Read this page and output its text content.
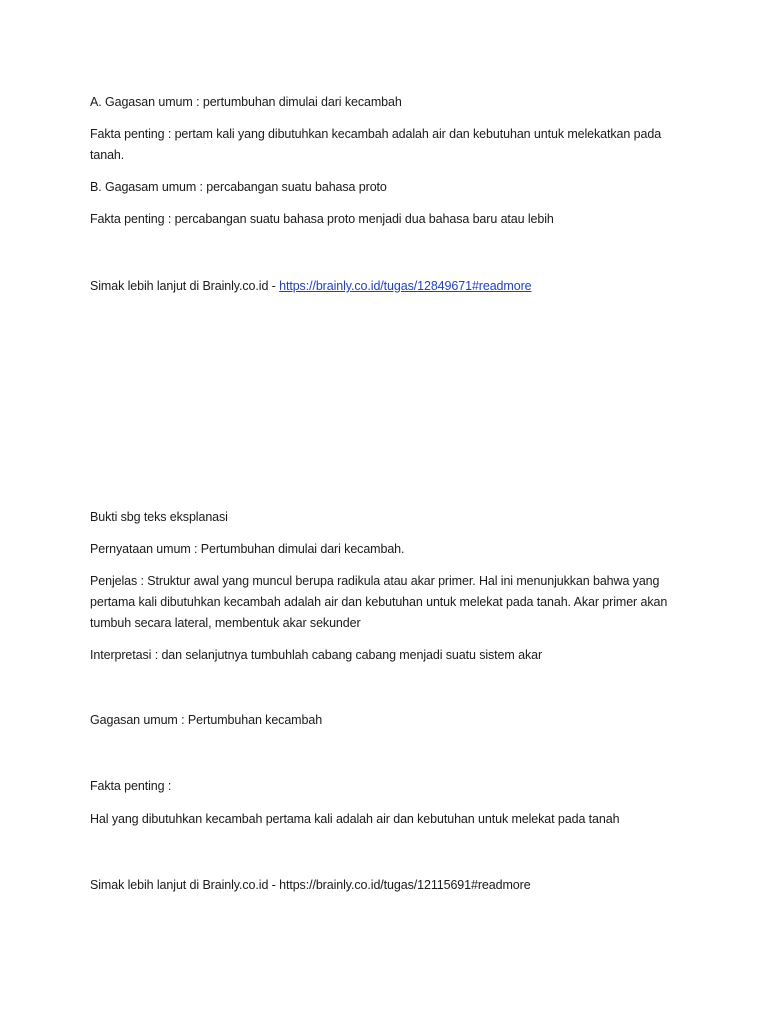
A. Gagasan umum : pertumbuhan dimulai dari kecambah
Fakta penting : pertam kali yang dibutuhkan kecambah adalah air dan kebutuhan untuk melekatkan pada tanah.
B. Gagasam umum : percabangan suatu bahasa proto
Fakta penting : percabangan suatu bahasa proto menjadi dua bahasa baru atau lebih
Simak lebih lanjut di Brainly.co.id - https://brainly.co.id/tugas/12849671#readmore
Bukti sbg teks eksplanasi
Pernyataan umum : Pertumbuhan dimulai dari kecambah.
Penjelas : Struktur awal yang muncul berupa radikula atau akar primer. Hal ini menunjukkan bahwa yang pertama kali dibutuhkan kecambah adalah air dan kebutuhan untuk melekat pada tanah. Akar primer akan tumbuh secara lateral, membentuk akar sekunder
Interpretasi : dan selanjutnya tumbuhlah cabang cabang menjadi suatu sistem akar
Gagasan umum : Pertumbuhan kecambah
Fakta penting :
Hal yang dibutuhkan kecambah pertama kali adalah air dan kebutuhan untuk melekat pada tanah
Simak lebih lanjut di Brainly.co.id - https://brainly.co.id/tugas/12115691#readmore
